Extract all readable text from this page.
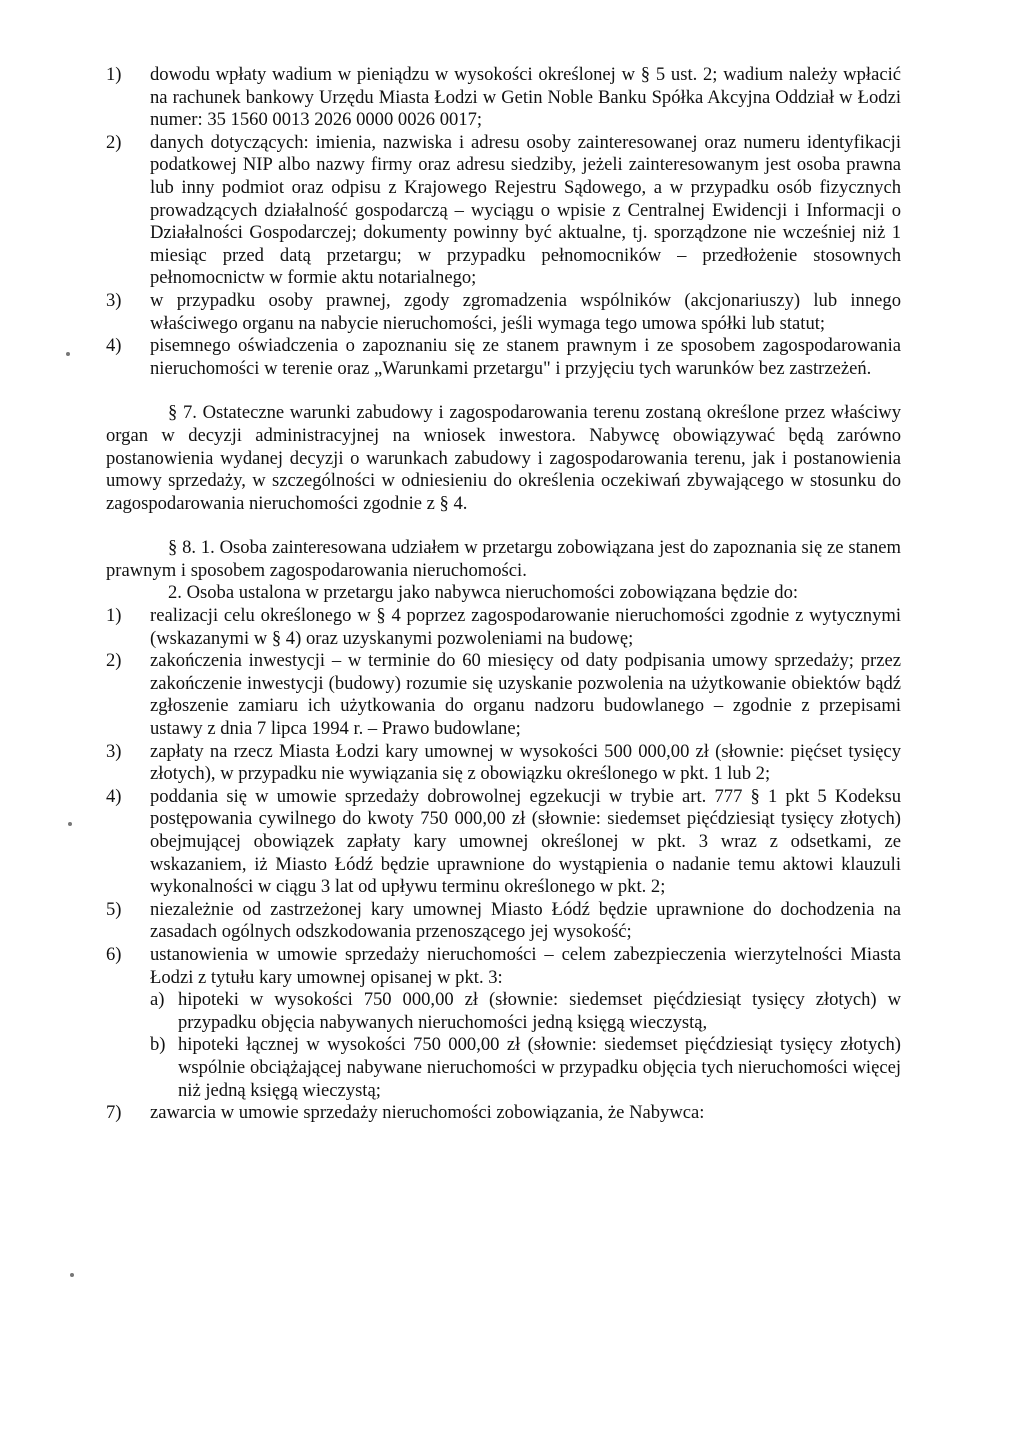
1)	dowodu wpłaty wadium w pieniądzu w wysokości określonej w § 5 ust. 2; wadium należy wpłacić na rachunek bankowy Urzędu Miasta Łodzi w Getin Noble Banku Spółka Akcyjna Oddział w Łodzi numer: 35 1560 0013 2026 0000 0026 0017;
2)	danych dotyczących: imienia, nazwiska i adresu osoby zainteresowanej oraz numeru identyfikacji podatkowej NIP albo nazwy firmy oraz adresu siedziby, jeżeli zainteresowanym jest osoba prawna lub inny podmiot oraz odpisu z Krajowego Rejestru Sądowego, a w przypadku osób fizycznych prowadzących działalność gospodarczą – wyciągu o wpisie z Centralnej Ewidencji i Informacji o Działalności Gospodarczej; dokumenty powinny być aktualne, tj. sporządzone nie wcześniej niż 1 miesiąc przed datą przetargu; w przypadku pełnomocników – przedłożenie stosownych pełnomocnictw w formie aktu notarialnego;
3)	w przypadku osoby prawnej, zgody zgromadzenia wspólników (akcjonariuszy) lub innego właściwego organu na nabycie nieruchomości, jeśli wymaga tego umowa spółki lub statut;
4)	pisemnego oświadczenia o zapoznaniu się ze stanem prawnym i ze sposobem zagospodarowania nieruchomości w terenie oraz „Warunkami przetargu" i przyjęciu tych warunków bez zastrzeżeń.

§ 7. Ostateczne warunki zabudowy i zagospodarowania terenu zostaną określone przez właściwy organ w decyzji administracyjnej na wniosek inwestora. Nabywcę obowiązywać będą zarówno postanowienia wydanej decyzji o warunkach zabudowy i zagospodarowania terenu, jak i postanowienia umowy sprzedaży, w szczególności w odniesieniu do określenia oczekiwań zbywającego w stosunku do zagospodarowania nieruchomości zgodnie z § 4.

§ 8. 1. Osoba zainteresowana udziałem w przetargu zobowiązana jest do zapoznania się ze stanem prawnym i sposobem zagospodarowania nieruchomości.

2. Osoba ustalona w przetargu jako nabywca nieruchomości zobowiązana będzie do:

1)	realizacji celu określonego w § 4 poprzez zagospodarowanie nieruchomości zgodnie z wytycznymi (wskazanymi w § 4) oraz uzyskanymi pozwoleniami na budowę;
2)	zakończenia inwestycji – w terminie do 60 miesięcy od daty podpisania umowy sprzedaży; przez zakończenie inwestycji (budowy) rozumie się uzyskanie pozwolenia na użytkowanie obiektów bądź zgłoszenie zamiaru ich użytkowania do organu nadzoru budowlanego – zgodnie z przepisami ustawy z dnia 7 lipca 1994 r. – Prawo budowlane;
3)	zapłaty na rzecz Miasta Łodzi kary umownej w wysokości 500 000,00 zł (słownie: pięćset tysięcy złotych), w przypadku nie wywiązania się z obowiązku określonego w pkt. 1 lub 2;
4)	poddania się w umowie sprzedaży dobrowolnej egzekucji w trybie art. 777 § 1 pkt 5 Kodeksu postępowania cywilnego do kwoty 750 000,00 zł (słownie: siedemset pięćdziesiąt tysięcy złotych) obejmującej obowiązek zapłaty kary umownej określonej w pkt. 3 wraz z odsetkami, ze wskazaniem, iż Miasto Łódź będzie uprawnione do wystąpienia o nadanie temu aktowi klauzuli wykonalności w ciągu 3 lat od upływu terminu określonego w pkt. 2;
5)	niezależnie od zastrzeżonej kary umownej Miasto Łódź będzie uprawnione do dochodzenia na zasadach ogólnych odszkodowania przenoszącego jej wysokość;
6)	ustanowienia w umowie sprzedaży nieruchomości – celem zabezpieczenia wierzytelności Miasta Łodzi z tytułu kary umownej opisanej w pkt. 3:
a) hipoteki w wysokości 750 000,00 zł (słownie: siedemset pięćdziesiąt tysięcy złotych) w przypadku objęcia nabywanych nieruchomości jedną księgą wieczystą,
b) hipoteki łącznej w wysokości 750 000,00 zł (słownie: siedemset pięćdziesiąt tysięcy złotych) wspólnie obciążającej nabywane nieruchomości w przypadku objęcia tych nieruchomości więcej niż jedną księgą wieczystą;
7)	zawarcia w umowie sprzedaży nieruchomości zobowiązania, że Nabywca:
